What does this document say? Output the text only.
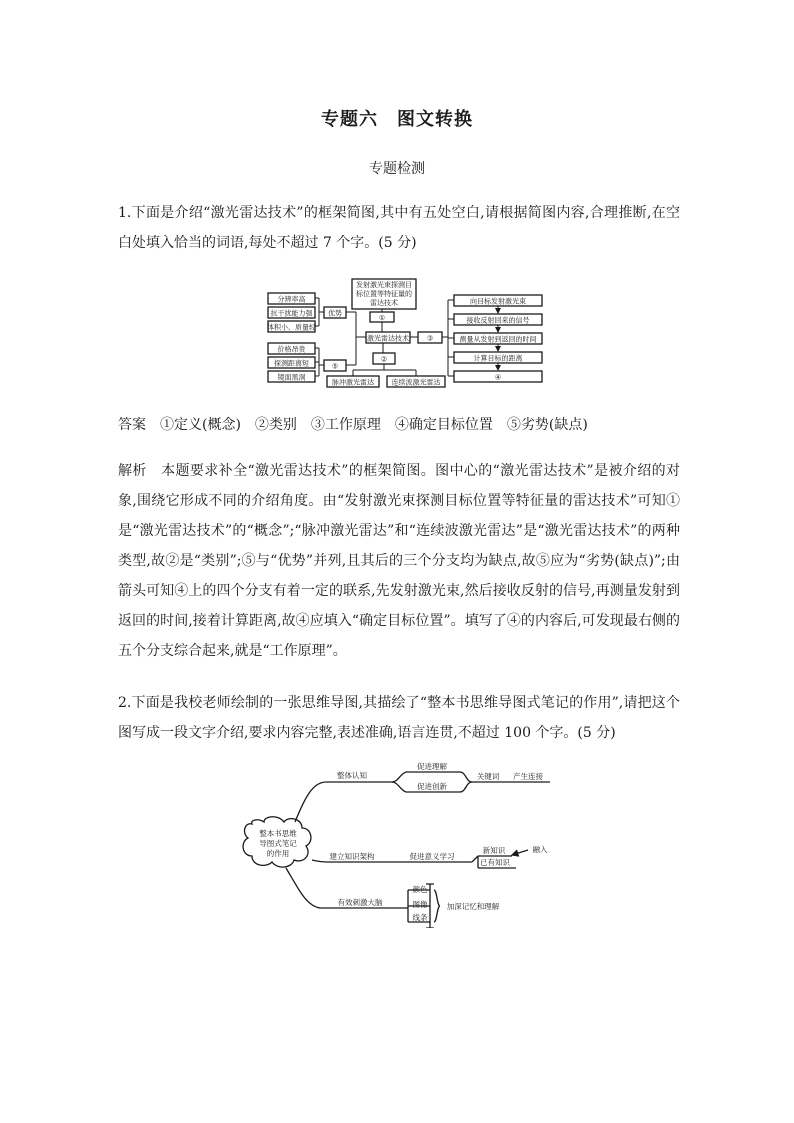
专题六　图文转换
专题检测

1.下面是介绍“激光雷达技术”的框架简图,其中有五处空白,请根据简图内容,合理推断,在空白处填入恰当的词语,每处不超过 7 个字。(5 分)

发射激光束探测目
标位置等特征量的
雷达技术
①
激光雷达技术
②
脉冲激光雷达	连续波激光雷达
优势
⑤
分辨率高
抗干扰能力强
体积小、质量轻
价格昂贵
探测距离短
镜面黑洞
③
向目标发射激光束
接收反射回来的信号
测量从发射到返回的时间
计算目标的距离
④

答案　①定义(概念)　②类别　③工作原理　④确定目标位置　⑤劣势(缺点)

解析　本题要求补全“激光雷达技术”的框架简图。图中心的“激光雷达技术”是被介绍的对象,围绕它形成不同的介绍角度。由“发射激光束探测目标位置等特征量的雷达技术”可知①是“激光雷达技术”的“概念”;“脉冲激光雷达”和“连续波激光雷达”是“激光雷达技术”的两种类型,故②是“类别”;⑤与“优势”并列,且其后的三个分支均为缺点,故⑤应为“劣势(缺点)”;由箭头可知④上的四个分支有着一定的联系,先发射激光束,然后接收反射的信号,再测量发射到返回的时间,接着计算距离,故④应填入“确定目标位置”。填写了④的内容后,可发现最右侧的五个分支综合起来,就是“工作原理”。

2.下面是我校老师绘制的一张思维导图,其描绘了“整本书思维导图式笔记的作用”,请把这个图写成一段文字介绍,要求内容完整,表述准确,语言连贯,不超过 100 个字。(5 分)

整本书思维
导图式笔记
的作用
整体认知
促进理解
促进创新
关键词 产生连接
建立知识架构	促进意义学习
新知识
已有知识
融入
有效刺激大脑
颜色
图像
线条
加深记忆和理解
